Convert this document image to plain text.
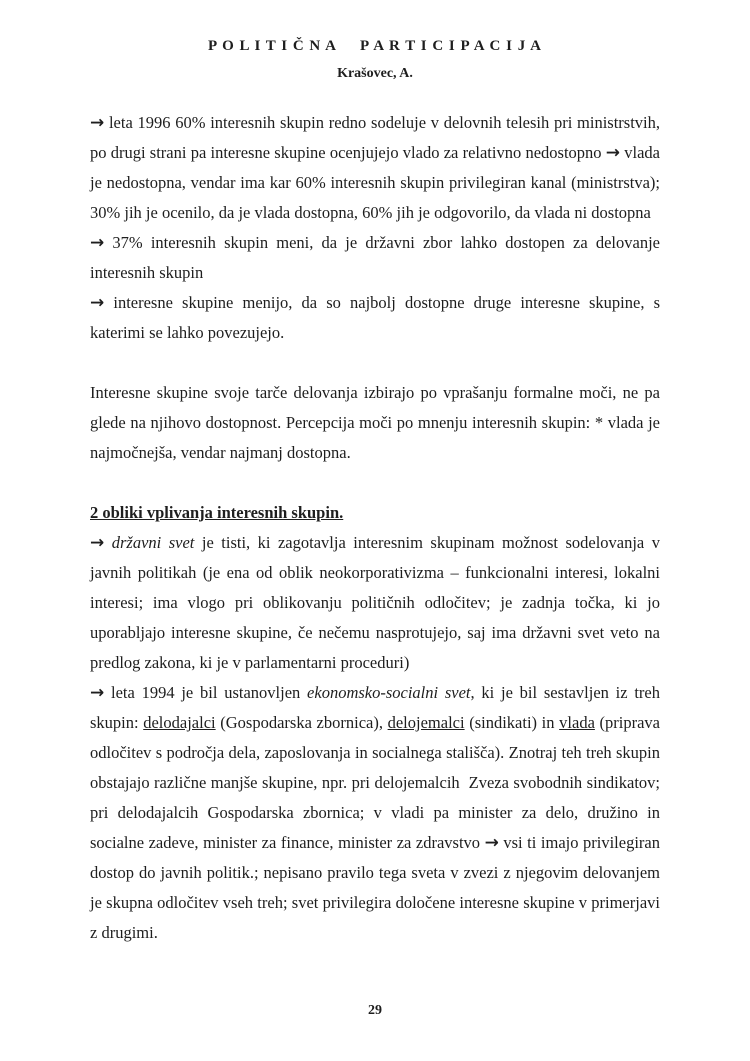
P O L I T I Č N A     P A R T I C I P A C I J A
Krašovec, A.

→ leta 1996 60% interesnih skupin redno sodeluje v delovnih telesih pri ministrstvih, po drugi strani pa interesne skupine ocenjujejo vlado za relativno nedostopno → vlada je nedostopna, vendar ima kar 60% interesnih skupin privilegiran kanal (ministrstva); 30% jih je ocenilo, da je vlada dostopna, 60% jih je odgovorilo, da vlada ni dostopna

→ 37% interesnih skupin meni, da je državni zbor lahko dostopen za delovanje interesnih skupin

→ interesne skupine menijo, da so najbolj dostopne druge interesne skupine, s katerimi se lahko povezujejo.

Interesne skupine svoje tarče delovanja izbirajo po vprašanju formalne moči, ne pa glede na njihovo dostopnost. Percepcija moči po mnenju interesnih skupin: * vlada je najmočnejša, vendar najmanj dostopna.

2 obliki vplivanja interesnih skupin.

→ državni svet je tisti, ki zagotavlja interesnim skupinam možnost sodelovanja v javnih politikah (je ena od oblik neokorporativizma – funkcionalni interesi, lokalni interesi; ima vlogo pri oblikovanju političnih odločitev; je zadnja točka, ki jo uporabljajo interesne skupine, če nečemu nasprotujejo, saj ima državni svet veto na predlog zakona, ki je v parlamentarni proceduri)

→ leta 1994 je bil ustanovljen ekonomsko-socialni svet, ki je bil sestavljen iz treh skupin: delodajalci (Gospodarska zbornica), delojemalci (sindikati) in vlada (priprava odločitev s področja dela, zaposlovanja in socialnega stališča). Znotraj teh treh skupin obstajajo različne manjše skupine, npr. pri delojemalcih  Zveza svobodnih sindikatov; pri delodajalcih Gospodarska zbornica; v vladi pa minister za delo, družino in socialne zadeve, minister za finance, minister za zdravstvo → vsi ti imajo privilegiran dostop do javnih politik.; nepisano pravilo tega sveta v zvezi z njegovim delovanjem je skupna odločitev vseh treh; svet privilegira določene interesne skupine v primerjavi z drugimi.

29
